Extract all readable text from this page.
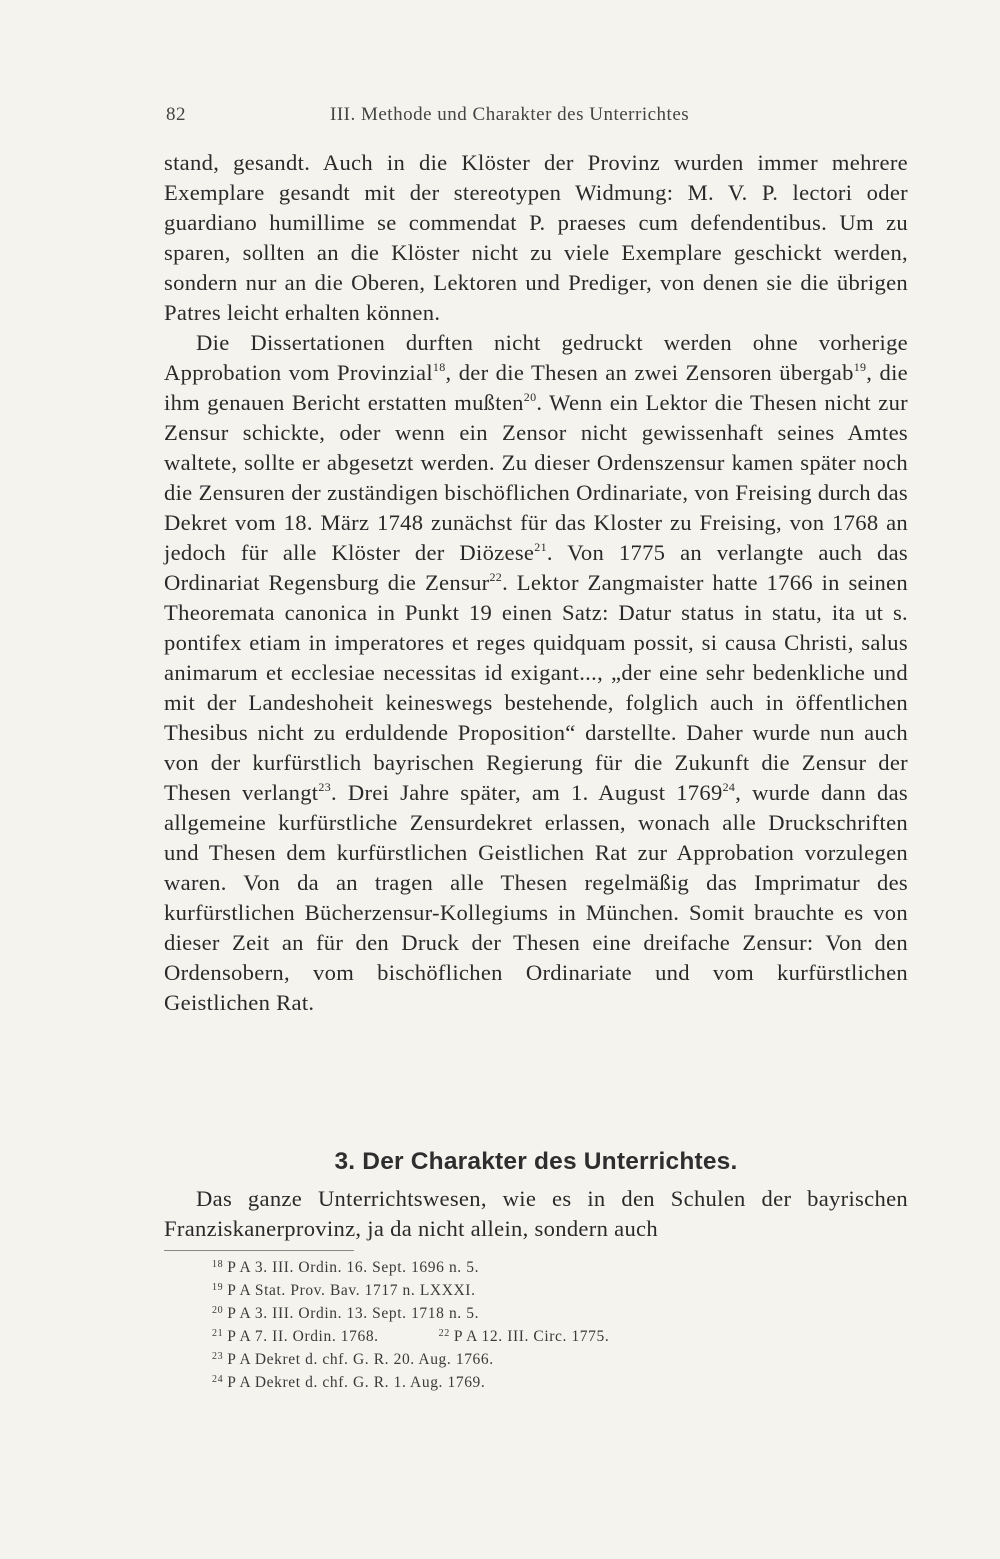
82	III. Methode und Charakter des Unterrichtes

stand, gesandt. Auch in die Klöster der Provinz wurden immer mehrere Exemplare gesandt mit der stereotypen Widmung: M. V. P. lectori oder guardiano humillime se commendat P. praeses cum defendentibus. Um zu sparen, sollten an die Klöster nicht zu viele Exemplare geschickt werden, sondern nur an die Oberen, Lektoren und Prediger, von denen sie die übrigen Patres leicht erhalten können.

Die Dissertationen durften nicht gedruckt werden ohne vorherige Approbation vom Provinzial$^{18}$, der die Thesen an zwei Zensoren übergab$^{19}$, die ihm genauen Bericht erstatten mußten$^{20}$. Wenn ein Lektor die Thesen nicht zur Zensur schickte, oder wenn ein Zensor nicht gewissenhaft seines Amtes waltete, sollte er abgesetzt werden. Zu dieser Ordenszensur kamen später noch die Zensuren der zuständigen bischöflichen Ordinariate, von Freising durch das Dekret vom 18. März 1748 zunächst für das Kloster zu Freising, von 1768 an jedoch für alle Klöster der Diözese$^{21}$. Von 1775 an verlangte auch das Ordinariat Regensburg die Zensur$^{22}$. Lektor Zangmaister hatte 1766 in seinen Theoremata canonica in Punkt 19 einen Satz: Datur status in statu, ita ut s. pontifex etiam in imperatores et reges quidquam possit, si causa Christi, salus animarum et ecclesiae necessitas id exigant..., „der eine sehr bedenkliche und mit der Landeshoheit keineswegs bestehende, folglich auch in öffentlichen Thesibus nicht zu erduldende Proposition“ darstellte. Daher wurde nun auch von der kurfürstlich bayrischen Regierung für die Zukunft die Zensur der Thesen verlangt$^{23}$. Drei Jahre später, am 1. August 1769$^{24}$, wurde dann das allgemeine kurfürstliche Zensurdekret erlassen, wonach alle Druckschriften und Thesen dem kurfürstlichen Geistlichen Rat zur Approbation vorzulegen waren. Von da an tragen alle Thesen regelmäßig das Imprimatur des kurfürstlichen Bücherzensur-Kollegiums in München. Somit brauchte es von dieser Zeit an für den Druck der Thesen eine dreifache Zensur: Von den Ordensobern, vom bischöflichen Ordinariate und vom kurfürstlichen Geistlichen Rat.

3. Der Charakter des Unterrichtes.

Das ganze Unterrichtswesen, wie es in den Schulen der bayrischen Franziskanerprovinz, ja da nicht allein, sondern auch

$^{18}$ P A 3. III. Ordin. 16. Sept. 1696 n. 5.
$^{19}$ P A Stat. Prov. Bav. 1717 n. LXXXI.
$^{20}$ P A 3. III. Ordin. 13. Sept. 1718 n. 5.
$^{21}$ P A 7. II. Ordin. 1768.	$^{22}$ P A 12. III. Circ. 1775.
$^{23}$ P A Dekret d. chf. G. R. 20. Aug. 1766.
$^{24}$ P A Dekret d. chf. G. R. 1. Aug. 1769.
